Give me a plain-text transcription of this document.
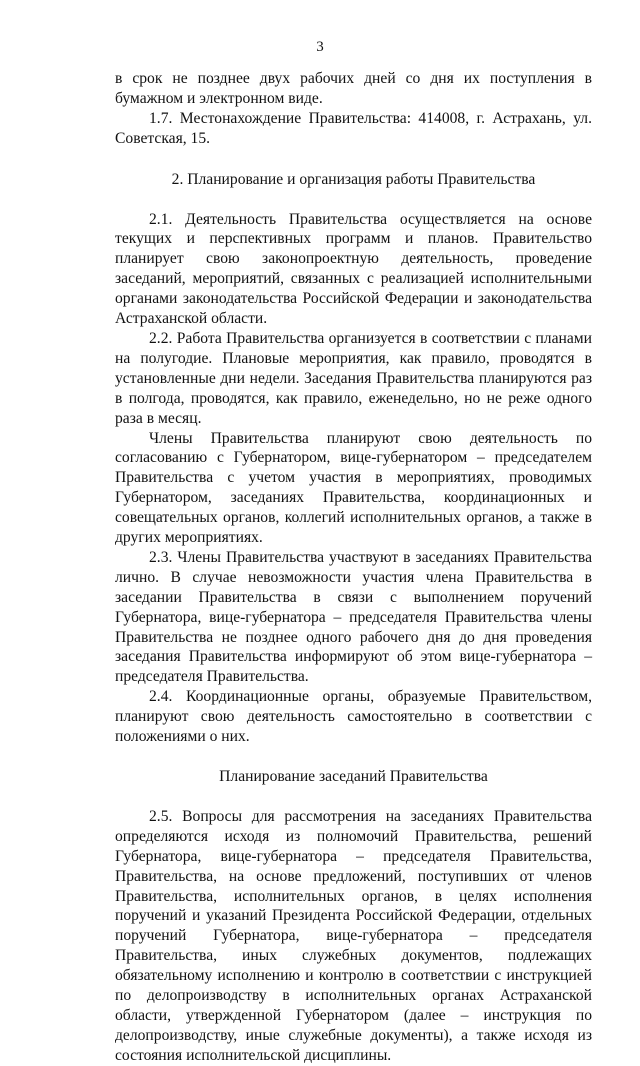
3

в срок не позднее двух рабочих дней со дня их поступления в бумажном и электронном виде.

1.7. Местонахождение Правительства: 414008, г. Астрахань, ул. Советская, 15.

2. Планирование и организация работы Правительства

2.1. Деятельность Правительства осуществляется на основе текущих и перспективных программ и планов. Правительство планирует свою законопроектную деятельность, проведение заседаний, мероприятий, связанных с реализацией исполнительными органами законодательства Российской Федерации и законодательства Астраханской области.

2.2. Работа Правительства организуется в соответствии с планами на полугодие. Плановые мероприятия, как правило, проводятся в установленные дни недели. Заседания Правительства планируются раз в полгода, проводятся, как правило, еженедельно, но не реже одного раза в месяц.

Члены Правительства планируют свою деятельность по согласованию с Губернатором, вице-губернатором – председателем Правительства с учетом участия в мероприятиях, проводимых Губернатором, заседаниях Правительства, координационных и совещательных органов, коллегий исполнительных органов, а также в других мероприятиях.

2.3. Члены Правительства участвуют в заседаниях Правительства лично. В случае невозможности участия члена Правительства в заседании Правительства в связи с выполнением поручений Губернатора, вице-губернатора – председателя Правительства члены Правительства не позднее одного рабочего дня до дня проведения заседания Правительства информируют об этом вице-губернатора – председателя Правительства.

2.4. Координационные органы, образуемые Правительством, планируют свою деятельность самостоятельно в соответствии с положениями о них.

Планирование заседаний Правительства

2.5. Вопросы для рассмотрения на заседаниях Правительства определяются исходя из полномочий Правительства, решений Губернатора, вице-губернатора – председателя Правительства, Правительства, на основе предложений, поступивших от членов Правительства, исполнительных органов, в целях исполнения поручений и указаний Президента Российской Федерации, отдельных поручений Губернатора, вице-губернатора – председателя Правительства, иных служебных документов, подлежащих обязательному исполнению и контролю в соответствии с инструкцией по делопроизводству в исполнительных органах Астраханской области, утвержденной Губернатором (далее – инструкция по делопроизводству, иные служебные документы), а также исходя из состояния исполнительской дисциплины.
